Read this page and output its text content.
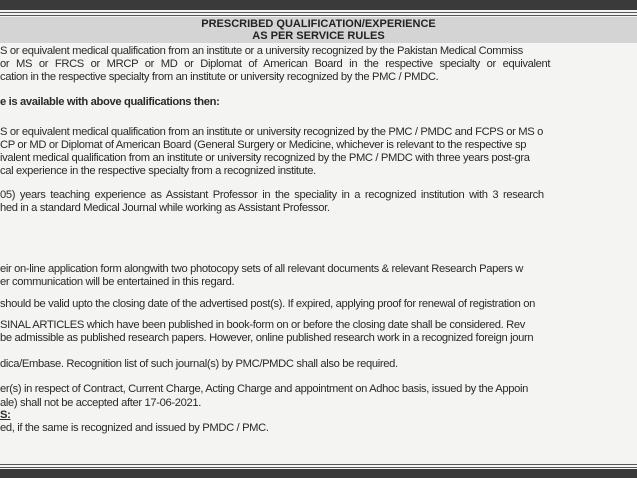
PRESCRIBED QUALIFICATION/EXPERIENCE
AS PER SERVICE RULES
S or equivalent medical qualification from an institute or a university recognized by the Pakistan Medical Commiss
or MS or FRCS or MRCP or MD or Diplomat of American Board in the respective specialty or equivalent
cation in the respective specialty from an institute or university recognized by the PMC / PMDC.
e is available with above qualifications then:
S or equivalent medical qualification from an institute or university recognized by the PMC / PMDC and FCPS or MS o
CP or MD or Diplomat of American Board (General Surgery or Medicine, whichever is relevant to the respective sp
ivalent medical qualification from an institute or university recognized by the PMC / PMDC with three years post-gra
cal experience in the respective specialty from a recognized institute.
05) years teaching experience as Assistant Professor in the speciality in a recognized institution with 3 research
hed in a standard Medical Journal while working as Assistant Professor.
eir on-line application form alongwith two photocopy sets of all relevant documents & relevant Research Papers w
er communication will be entertained in this regard.
should be valid upto the closing date of the advertised post(s). If expired, applying proof for renewal of registration on
SINAL ARTICLES which have been published in book-form on or before the closing date shall be considered. Rev
be admissible as published research papers. However, online published research work in a recognized foreign journ
dica/Embase. Recognition list of such journal(s) by PMC/PMDC shall also be required.
er(s) in respect of Contract, Current Charge, Acting Charge and appointment on Adhoc basis, issued by the Appoin
ale) shall not be accepted after 17-06-2021.
S:
ed, if the same is recognized and issued by PMDC / PMC.
